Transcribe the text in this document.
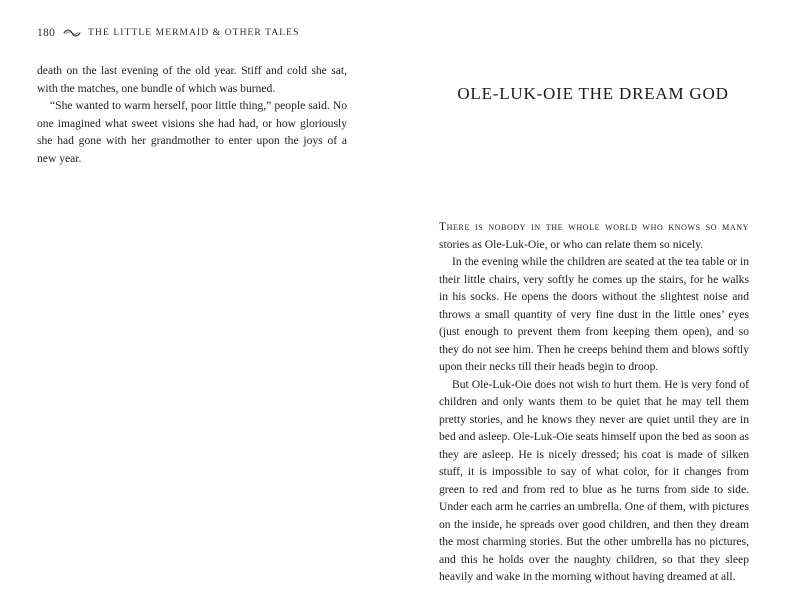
180	THE LITTLE MERMAID & OTHER TALES

death on the last evening of the old year. Stiff and cold she sat, with the matches, one bundle of which was burned.

“She wanted to warm herself, poor little thing,” people said. No one imagined what sweet visions she had had, or how gloriously she had gone with her grandmother to enter upon the joys of a new year.

OLE-LUK-OIE THE DREAM GOD

There is nobody in the whole world who knows so many stories as Ole-Luk-Oie, or who can relate them so nicely.

In the evening while the children are seated at the tea table or in their little chairs, very softly he comes up the stairs, for he walks in his socks. He opens the doors without the slightest noise and throws a small quantity of very fine dust in the little ones’ eyes (just enough to prevent them from keeping them open), and so they do not see him. Then he creeps behind them and blows softly upon their necks till their heads begin to droop.

But Ole-Luk-Oie does not wish to hurt them. He is very fond of children and only wants them to be quiet that he may tell them pretty stories, and he knows they never are quiet until they are in bed and asleep. Ole-Luk-Oie seats himself upon the bed as soon as they are asleep. He is nicely dressed; his coat is made of silken stuff, it is impossible to say of what color, for it changes from green to red and from red to blue as he turns from side to side. Under each arm he carries an umbrella. One of them, with pictures on the inside, he spreads over good children, and then they dream the most charming stories. But the other umbrella has no pictures, and this he holds over the naughty children, so that they sleep heavily and wake in the morning without having dreamed at all.
